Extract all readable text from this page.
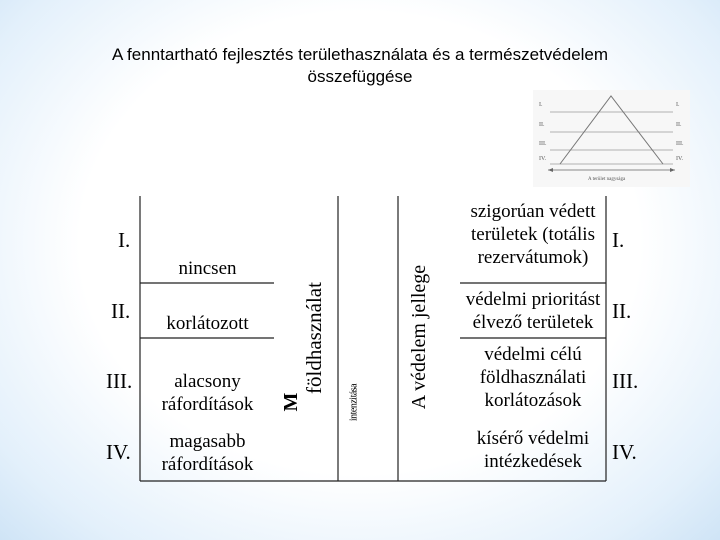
A fenntartható fejlesztés területhasználata és a természetvédelem
összefüggése
I.
II.
III.
IV.
I.
II.
III.
IV.
A terület nagysága
I.
II.
III.
IV.
I.
II.
III.
IV.
nincsen
korlátozott
alacsony
ráfordítások
magasabb
ráfordítások
szigorúan védett
területek (totális
rezervátumok)
védelmi prioritást
élvező területek
védelmi célú
földhasználati
korlátozások
kísérő védelmi
intézkedések
földhasználat
M	intenzitása A védelem jellege
